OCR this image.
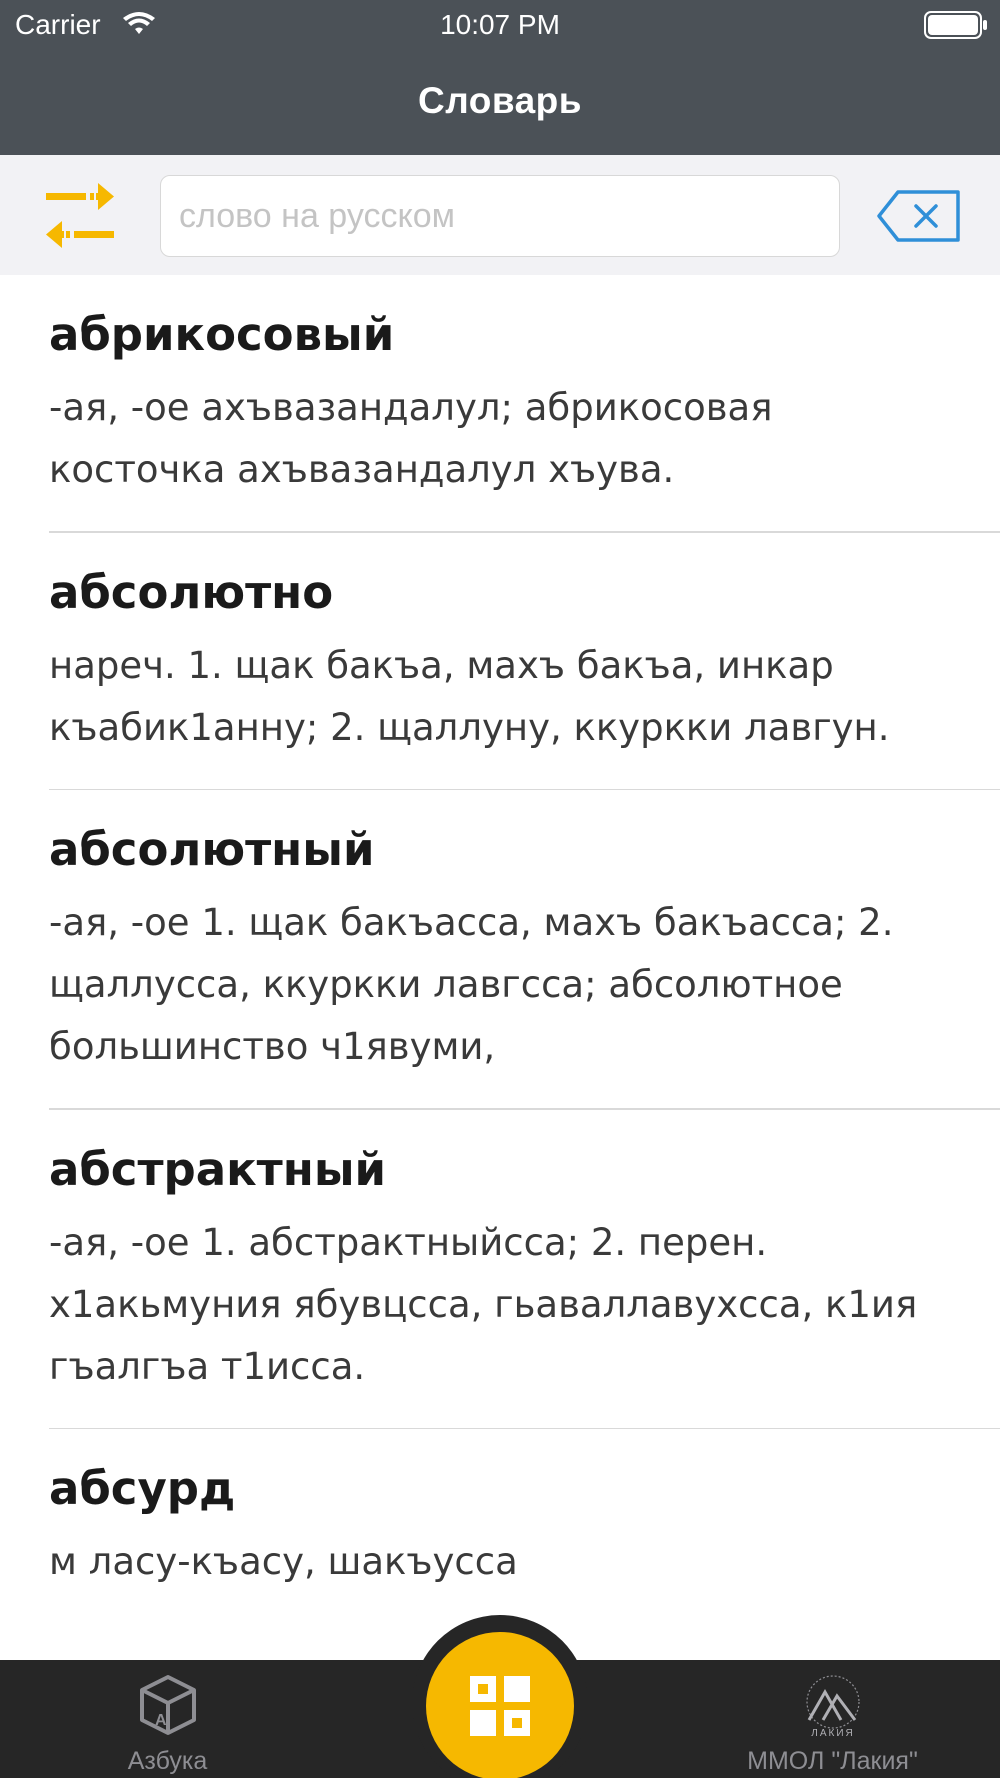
Carrier	10:07 PM
Словарь
слово на русском
абрикосовый
-ая, -ое ахъвазандалул; абрикосовая косточка ахъвазандалул хъува.
абсолютно
нареч. 1. щак бакъа, махъ бакъа, инкар къабик1анну; 2. щаллуну, ккуркки лавгун.
абсолютный
-ая, -ое 1. щак бакъасса, махъ бакъасса; 2. щаллусса, ккуркки лавгсса; абсолютное большинство ч1явуми,
абстрактный
-ая, -ое 1. абстрактныйсса; 2. перен. х1акьмуния ябувцсса, гьаваллавухсса, к1ия гъалгъа т1исса.
абсурд
м ласу-къасу, шакъусса
А
Азбука
ЛАКИЯ
ММОЛ "Лакия"
